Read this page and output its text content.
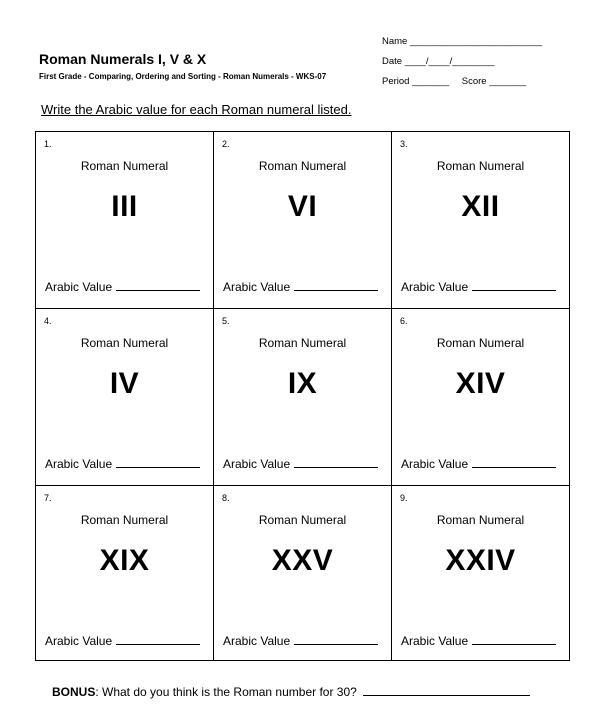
Roman Numerals I, V & X
First Grade - Comparing, Ordering and Sorting - Roman Numerals - WKS-07
Name _________________________
Date ____/____/________
Period _______ Score _______
Write the Arabic value for each Roman numeral listed.
1.
Roman Numeral
III
Arabic Value
2.
Roman Numeral
VI
Arabic Value
3.
Roman Numeral
XII
Arabic Value
4.
Roman Numeral
IV
Arabic Value
5.
Roman Numeral
IX
Arabic Value
6.
Roman Numeral
XIV
Arabic Value
7.
Roman Numeral
XIX
Arabic Value
8.
Roman Numeral
XXV
Arabic Value
9.
Roman Numeral
XXIV
Arabic Value
BONUS: What do you think is the Roman number for 30?
